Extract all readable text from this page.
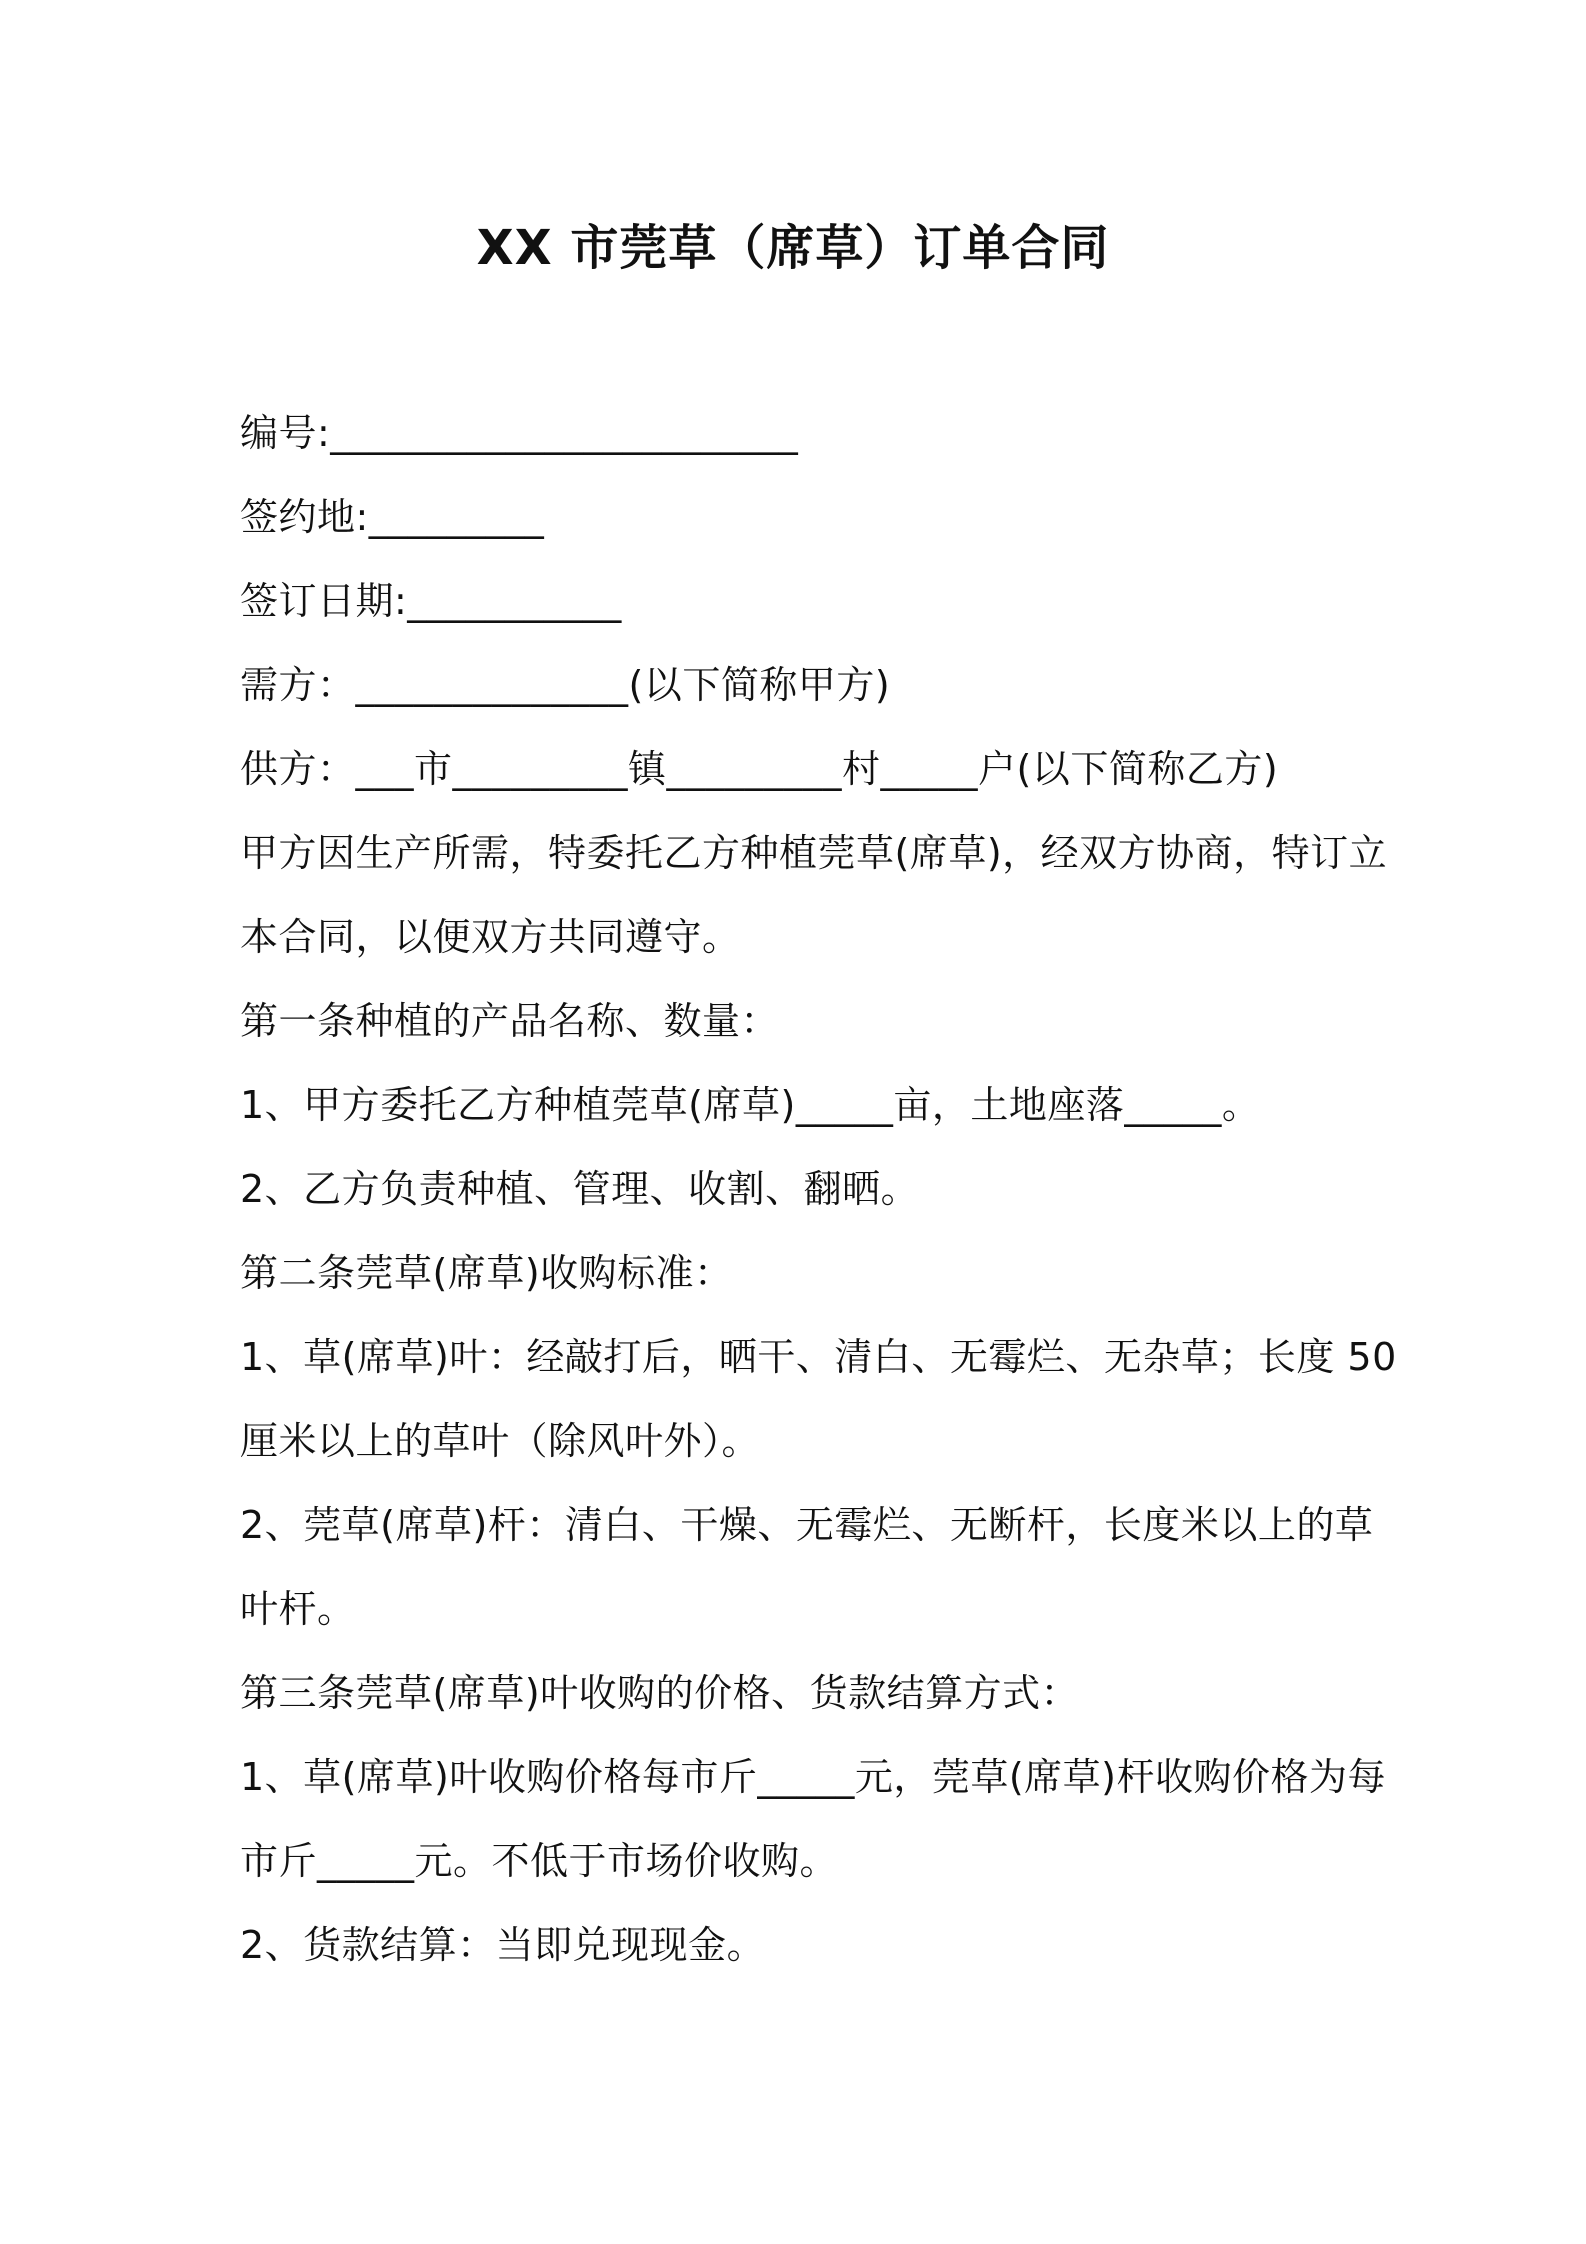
XX 市莞草（席草）订单合同
编号:________________________
签约地:_________
签订日期:___________
需方：______________(以下简称甲方)
供方：___市_________镇_________村_____户(以下简称乙方)
甲方因生产所需，特委托乙方种植莞草(席草)，经双方协商，特订立
本合同，以便双方共同遵守。
第一条种植的产品名称、数量：
1、甲方委托乙方种植莞草(席草)_____亩，土地座落_____。
2、乙方负责种植、管理、收割、翻晒。
第二条莞草(席草)收购标准：
1、草(席草)叶：经敲打后，晒干、清白、无霉烂、无杂草；长度 50
厘米以上的草叶（除风叶外）。
2、莞草(席草)杆：清白、干燥、无霉烂、无断杆，长度米以上的草
叶杆。
第三条莞草(席草)叶收购的价格、货款结算方式：
1、草(席草)叶收购价格每市斤_____元，莞草(席草)杆收购价格为每
市斤_____元。不低于市场价收购。
2、货款结算：当即兑现现金。
